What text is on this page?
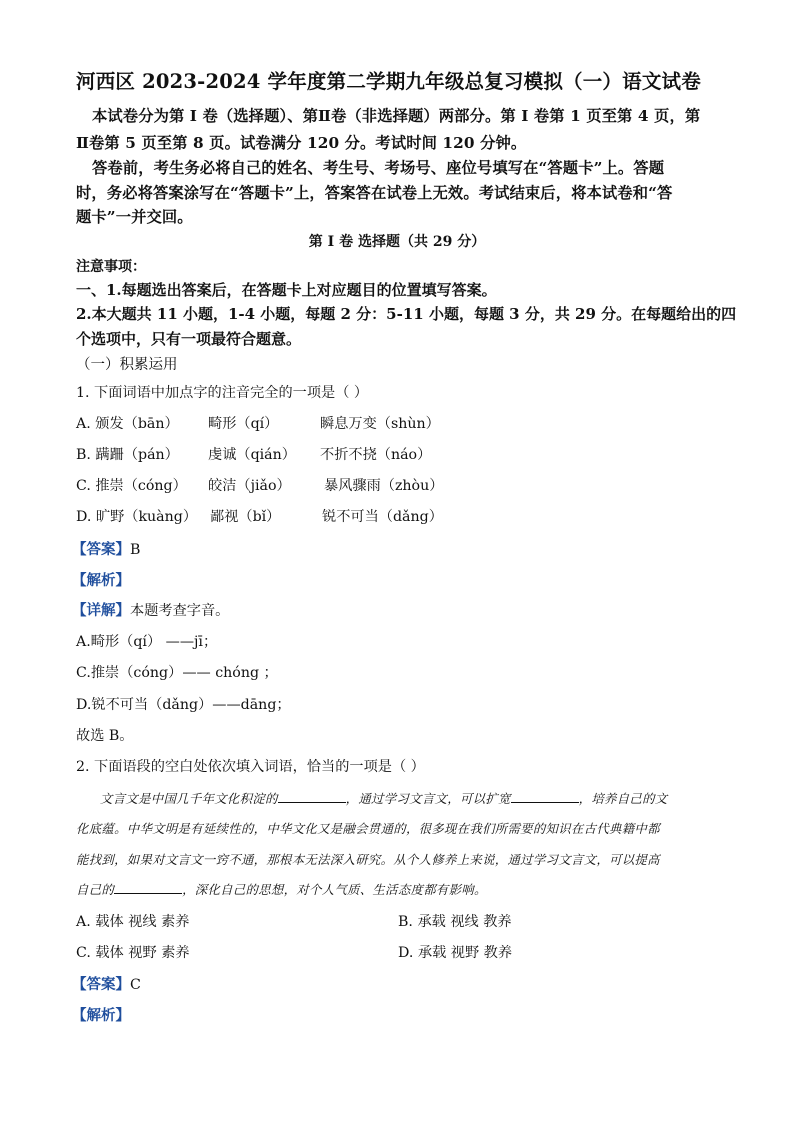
河西区 2023-2024 学年度第二学期九年级总复习模拟（一）语文试卷

本试卷分为第 I 卷（选择题）、第Ⅱ卷（非选择题）两部分。第 I 卷第 1 页至第 4 页，第

Ⅱ卷第 5 页至第 8 页。试卷满分 120 分。考试时间 120 分钟。

答卷前，考生务必将自己的姓名、考生号、考场号、座位号填写在“答题卡”上。答题

时，务必将答案涂写在“答题卡”上，答案答在试卷上无效。考试结束后，将本试卷和“答

题卡”一并交回。

第 I 卷 选择题（共 29 分）

注意事项：

一、1.每题选出答案后，在答题卡上对应题目的位置填写答案。

2.本大题共 11 小题，1-4 小题，每题 2 分：5-11 小题，每题 3 分，共 29 分。在每题给出的四

个选项中，只有一项最符合题意。

（一）积累运用

1. 下面词语中加点字的注音完全的一项是（ ）

A. 颁发（bān） 畸形（qí）	瞬息万变（shùn）
B. 蹒跚（pán） 虔诚（qián） 不折不挠（náo）
C. 推崇（cóng） 皎洁（jiǎo） 暴风骤雨（zhòu）
D. 旷野（kuàng） 鄙视（bǐ）	锐不可当（dǎng）

【答案】B

【解析】

【详解】本题考查字音。

A.畸形（qí） ——jī；

C.推崇（cóng）—— chóng ；

D.锐不可当（dǎng）——dāng；

故选 B。

2. 下面语段的空白处依次填入词语，恰当的一项是（ ）

文言文是中国几千年文化积淀的	，通过学习文言文，可以扩宽	，培养自己的文

化底蕴。中华文明是有延续性的，中华文化又是融会贯通的，很多现在我们所需要的知识在古代典籍中都

能找到，如果对文言文一窍不通，那根本无法深入研究。从个人修养上来说，通过学习文言文，可以提高

自己的	，深化自己的思想，对个人气质、生活态度都有影响。

A. 载体 视线 素养	B. 承载 视线 教养
C. 载体 视野 素养	D. 承载 视野 教养

【答案】C

【解析】
